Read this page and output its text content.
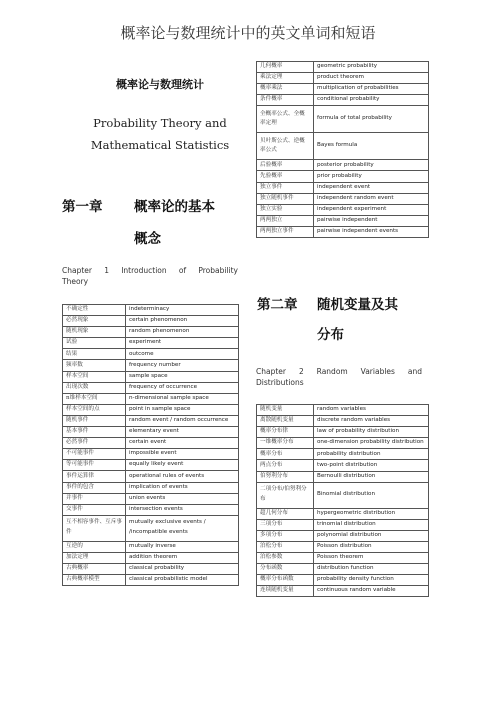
概率论与数理统计中的英文单词和短语
概率论与数理统计
Probability Theory and
Mathematical Statistics
第一章 概率论的基本
概念
Chapter 1 Introduction of Probability
Theory
不确定性	indeterminacy
必然现象	certain phenomenon
随机现象	random phenomenon
试验	experiment
结果	outcome
频率数	frequency number
样本空间	sample space
出现次数	frequency of occurrence
n维样本空间	n-dimensional sample space
样本空间的点	point in sample space
随机事件	random event / random occurrence
基本事件	elementary event
必然事件	certain event
不可能事件	impossible event
等可能事件	equally likely event
事件运算律	operational rules of events
事件的包含	implication of events
并事件	union events
交事件	intersection events
互不相容事件、互斥事件	mutually exclusive events / /incompatible events
互逆的	mutually inverse
加法定理	addition theorem
古典概率	classical probability
古典概率模型	classical probabilistic model
几何概率	geometric probability
乘法定理	product theorem
概率乘法	multiplication of probabilities
条件概率	conditional probability
全概率公式、全概率定理	formula of total probability
贝叶斯公式、逆概率公式	Bayes formula
后验概率	posterior probability
先验概率	prior probability
独立事件	independent event
独立随机事件	independent random event
独立实验	independent experiment
两两独立	pairwise independent
两两独立事件	pairwise independent events
第二章 随机变量及其
分布
Chapter 2 Random Variables and
Distributions
随机变量	random variables
离散随机变量	discrete random variables
概率分布律	law of probability distribution
一维概率分布	one-dimension probability distribution
概率分布	probability distribution
两点分布	two-point distribution
伯努利分布	Bernoulli distribution
二项分布/伯努利分布	Binomial distribution
超几何分布	hypergeometric distribution
三项分布	trinomial distribution
多项分布	polynomial distribution
泊松分布	Poisson distribution
泊松参数	Poisson theorem
分布函数	distribution function
概率分布函数	probability density function
连续随机变量	continuous random variable
